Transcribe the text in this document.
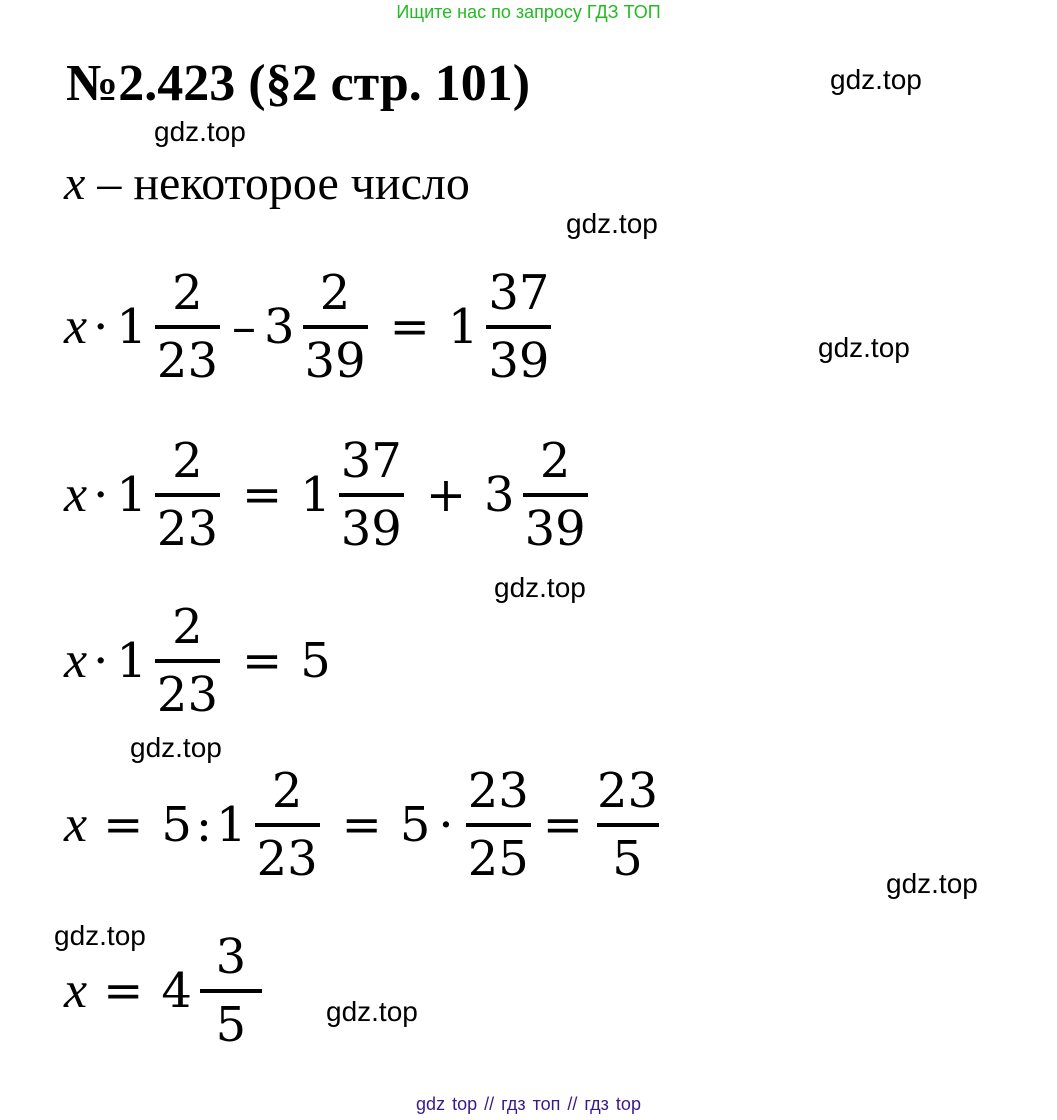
Ищите нас по запросу ГДЗ ТОП
№2.423 (§2 стр. 101)
x – некоторое число
$x \cdot 1 \frac{2}{23} - 3 \frac{2}{39} = 1 \frac{37}{39}$
$x \cdot 1 \frac{2}{23} = 1 \frac{37}{39} + 3 \frac{2}{39}$
$x \cdot 1 \frac{2}{23} = 5$
x = 5 : $1 \frac{2}{23} = 5 \cdot \frac{23}{25} = \frac{23}{5}$
$x = 4 \frac{3}{5}$
gdz.top
gdz.top
gdz.top
gdz.top
gdz.top
gdz.top
gdz.top
gdz.top
gdz.top
gdz top // гдз топ // гдз top
